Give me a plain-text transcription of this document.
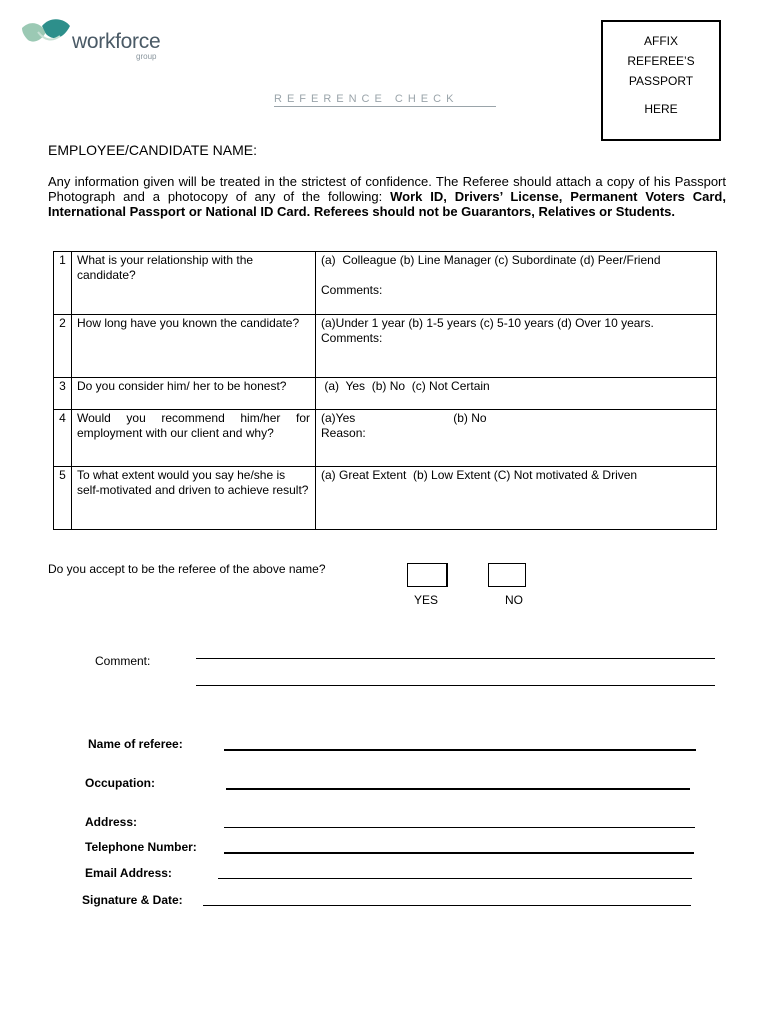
workforce
group
AFFIX
REFEREE’S
PASSPORT
HERE
REFERENCE CHECK
EMPLOYEE/CANDIDATE NAME:
Any information given will be treated in the strictest of confidence. The Referee should attach a copy of his Passport Photograph and a photocopy of any of the following: Work ID, Drivers’ License, Permanent Voters Card, International Passport or National ID Card. Referees should not be Guarantors, Relatives or Students.
1	What is your relationship with the candidate?	(a)  Colleague (b) Line Manager (c) Subordinate (d) Peer/Friend
Comments:

2	How long have you known the candidate?	(a)Under 1 year (b) 1-5 years (c) 5-10 years (d) Over 10 years.
Comments:

3	Do you consider him/ her to be honest?	(a)  Yes  (b) No  (c) Not Certain

4	Would you recommend him/her for employment with our client and why?	(a)Yes (b) No
Reason:

5	To what extent would you say he/she is self-motivated and driven to achieve result?	(a) Great Extent  (b) Low Extent (C) Not motivated & Driven
Do you accept to be the referee of the above name?
YES	NO
Comment:
Name of referee:
Occupation:
Address:
Telephone Number:
Email Address:
Signature & Date:
